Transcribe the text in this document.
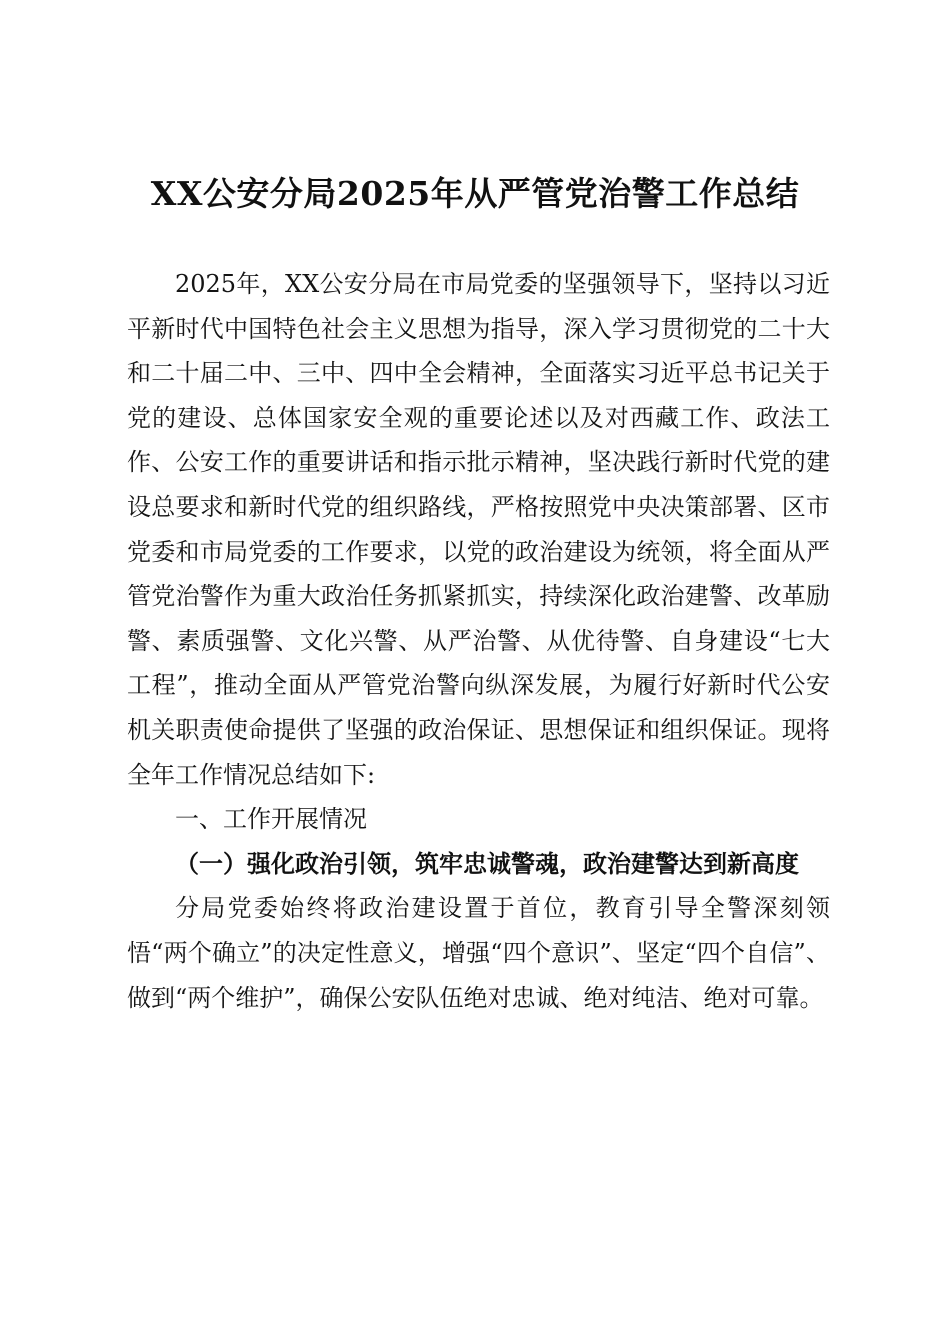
XX公安分局2025年从严管党治警工作总结

2025年，XX公安分局在市局党委的坚强领导下，坚持以习近平新时代中国特色社会主义思想为指导，深入学习贯彻党的二十大和二十届二中、三中、四中全会精神，全面落实习近平总书记关于党的建设、总体国家安全观的重要论述以及对西藏工作、政法工作、公安工作的重要讲话和指示批示精神，坚决践行新时代党的建设总要求和新时代党的组织路线，严格按照党中央决策部署、区市党委和市局党委的工作要求，以党的政治建设为统领，将全面从严管党治警作为重大政治任务抓紧抓实，持续深化政治建警、改革励警、素质强警、文化兴警、从严治警、从优待警、自身建设“七大工程”，推动全面从严管党治警向纵深发展，为履行好新时代公安机关职责使命提供了坚强的政治保证、思想保证和组织保证。现将全年工作情况总结如下:

一、工作开展情况

（一）强化政治引领，筑牢忠诚警魂，政治建警达到新高度

分局党委始终将政治建设置于首位，教育引导全警深刻领悟“两个确立”的决定性意义，增强“四个意识”、坚定“四个自信”、做到“两个维护”，确保公安队伍绝对忠诚、绝对纯洁、绝对可靠。
